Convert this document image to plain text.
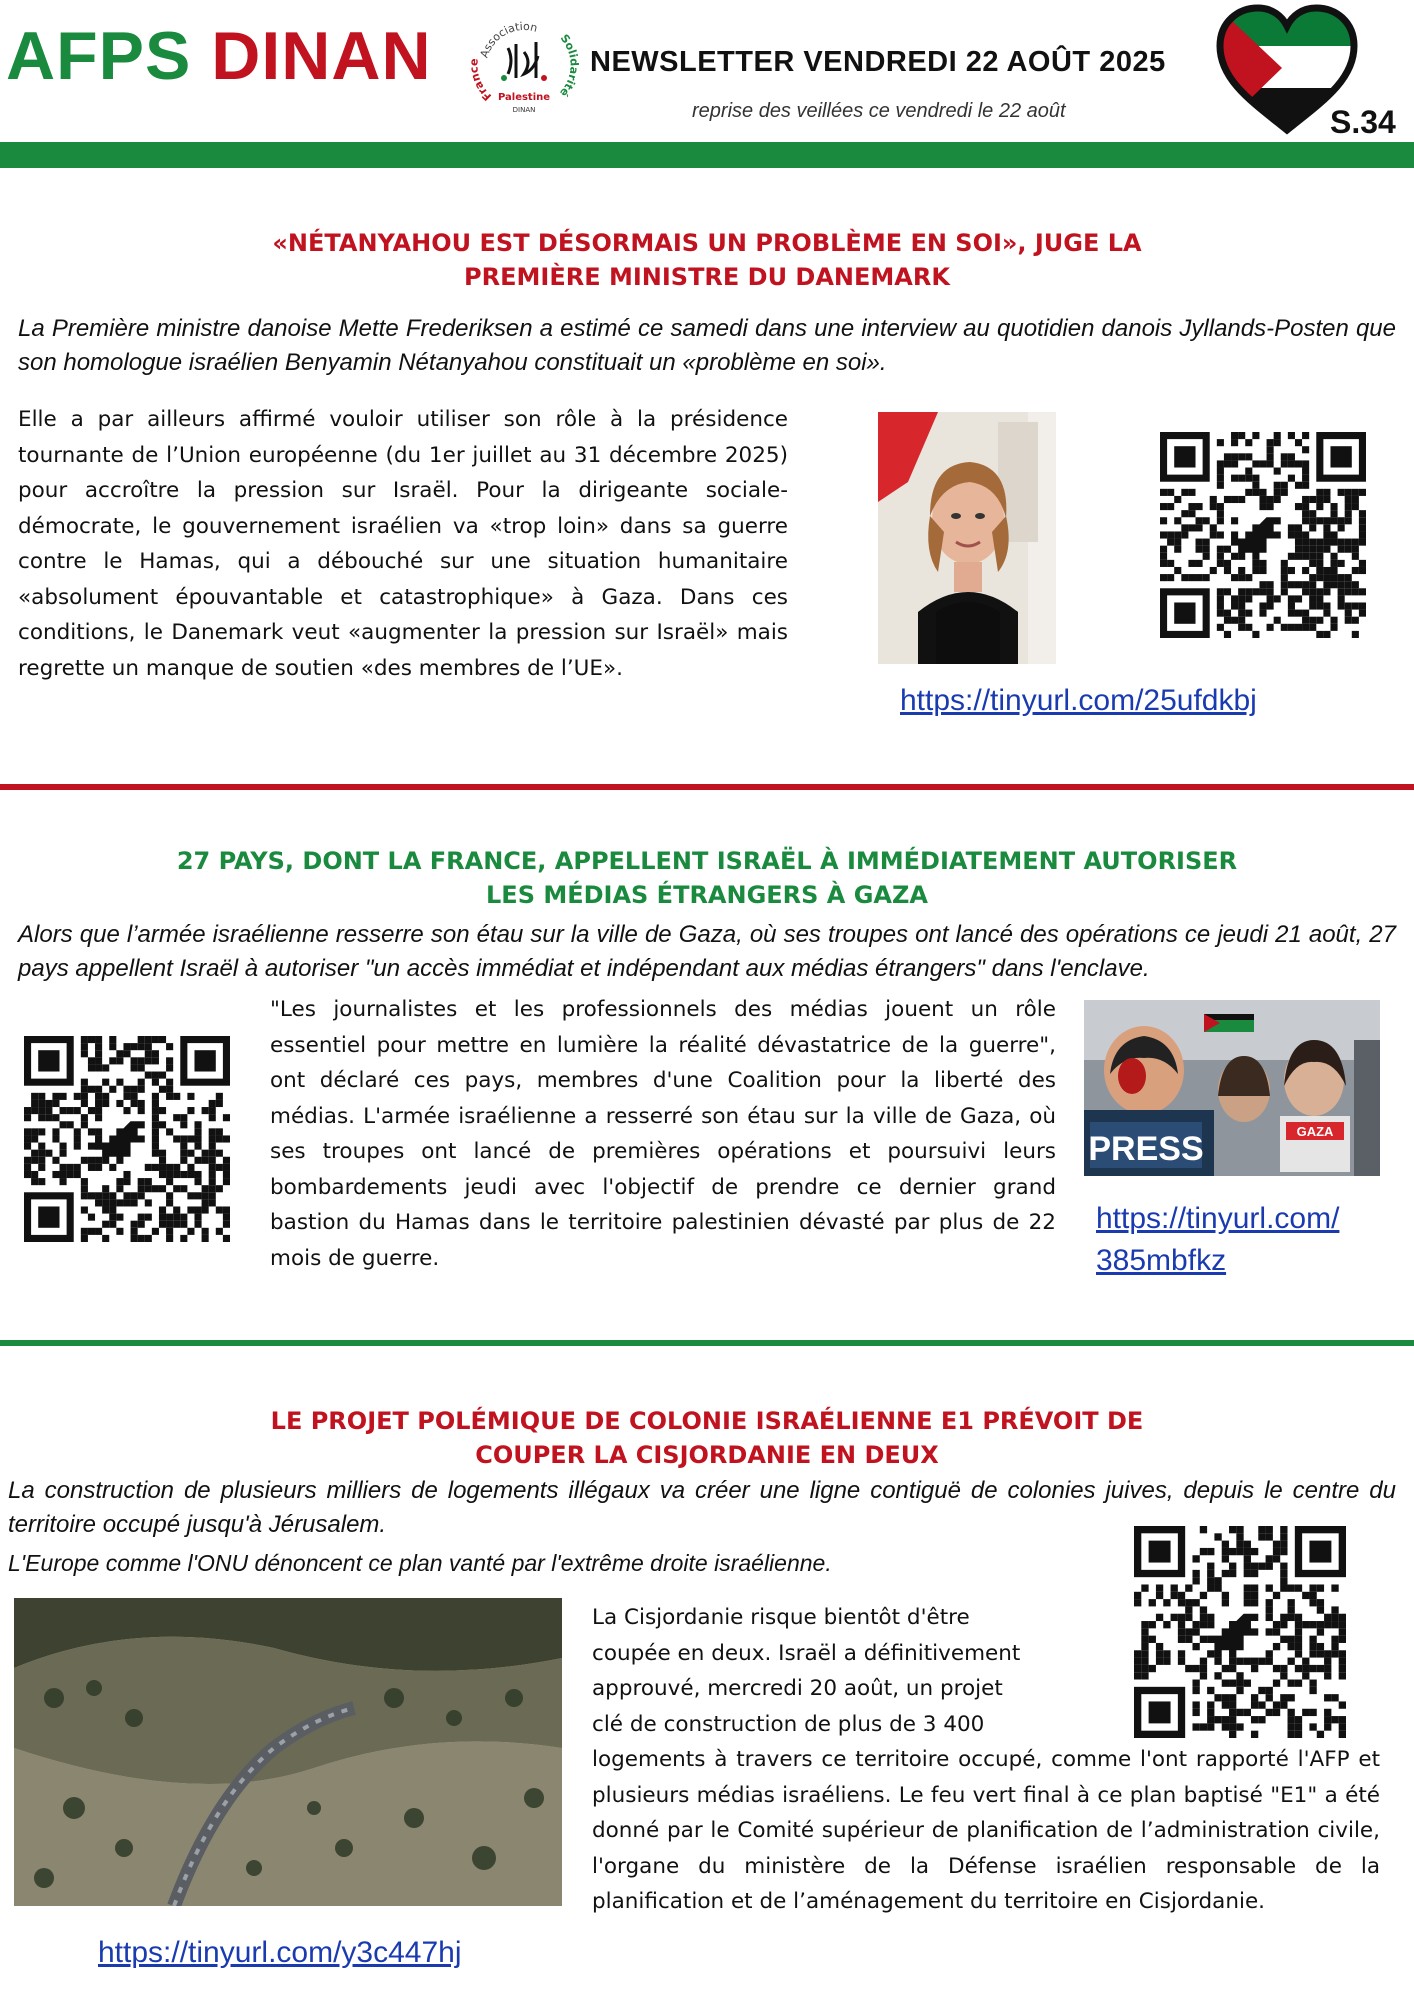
AFPS DINAN	Association
France
Solidarité
Palestine
DINAN
NEWSLETTER VENDREDI 22 AOÛT 2025
reprise des veillées ce vendredi le 22 août	S.34
«NÉTANYAHOU EST DÉSORMAIS UN PROBLÈME EN SOI», JUGE LA
PREMIÈRE MINISTRE DU DANEMARK

La Première ministre danoise Mette Frederiksen a estimé ce samedi dans une interview au quotidien danois Jyllands-Posten que son homologue israélien Benyamin Nétanyahou constituait un «problème en soi».

Elle a par ailleurs affirmé vouloir utiliser son rôle à la présidence tournante de l’Union européenne (du 1er juillet au 31 décembre 2025) pour accroître la pression sur Israël. Pour la dirigeante sociale-démocrate, le gouvernement israélien va «trop loin» dans sa guerre contre le Hamas, qui a débouché sur une situation humanitaire «absolument épouvantable et catastrophique» à Gaza. Dans ces conditions, le Danemark veut «augmenter la pression sur Israël» mais regrette un manque de soutien «des membres de l’UE».

https://tinyurl.com/25ufdkbj
27 PAYS, DONT LA FRANCE, APPELLENT ISRAËL À IMMÉDIATEMENT AUTORISER
LES MÉDIAS ÉTRANGERS À GAZA

Alors que l’armée israélienne resserre son étau sur la ville de Gaza, où ses troupes ont lancé des opérations ce jeudi 21 août, 27 pays appellent Israël à autoriser "un accès immédiat et indépendant aux médias étrangers" dans l'enclave.

"Les journalistes et les professionnels des médias jouent un rôle essentiel pour mettre en lumière la réalité dévastatrice de la guerre", ont déclaré ces pays, membres d'une Coalition pour la liberté des médias. L'armée israélienne a resserré son étau sur la ville de Gaza, où ses troupes ont lancé de premières opérations et poursuivi leurs bombardements jeudi avec l'objectif de prendre ce dernier grand bastion du Hamas dans le territoire palestinien dévasté par plus de 22 mois de guerre.

PRESS	GAZA
https://tinyurl.com/
385mbfkz
LE PROJET POLÉMIQUE DE COLONIE ISRAÉLIENNE E1 PRÉVOIT DE
COUPER LA CISJORDANIE EN DEUX

La construction de plusieurs milliers de logements illégaux va créer une ligne contiguë de colonies juives, depuis le centre du territoire occupé jusqu'à Jérusalem.

L'Europe comme l'ONU dénoncent ce plan vanté par l'extrême droite israélienne.

La Cisjordanie risque bientôt d'être
coupée en deux. Israël a définitivement
approuvé, mercredi 20 août, un projet
clé de construction de plus de 3 400

logements à travers ce territoire occupé, comme l'ont rapporté l'AFP et plusieurs médias israéliens. Le feu vert final à ce plan baptisé "E1" a été donné par le Comité supérieur de planification de l’administration civile, l'organe du ministère de la Défense israélien responsable de la planification et de l’aménagement du territoire en Cisjordanie.

https://tinyurl.com/y3c447hj
